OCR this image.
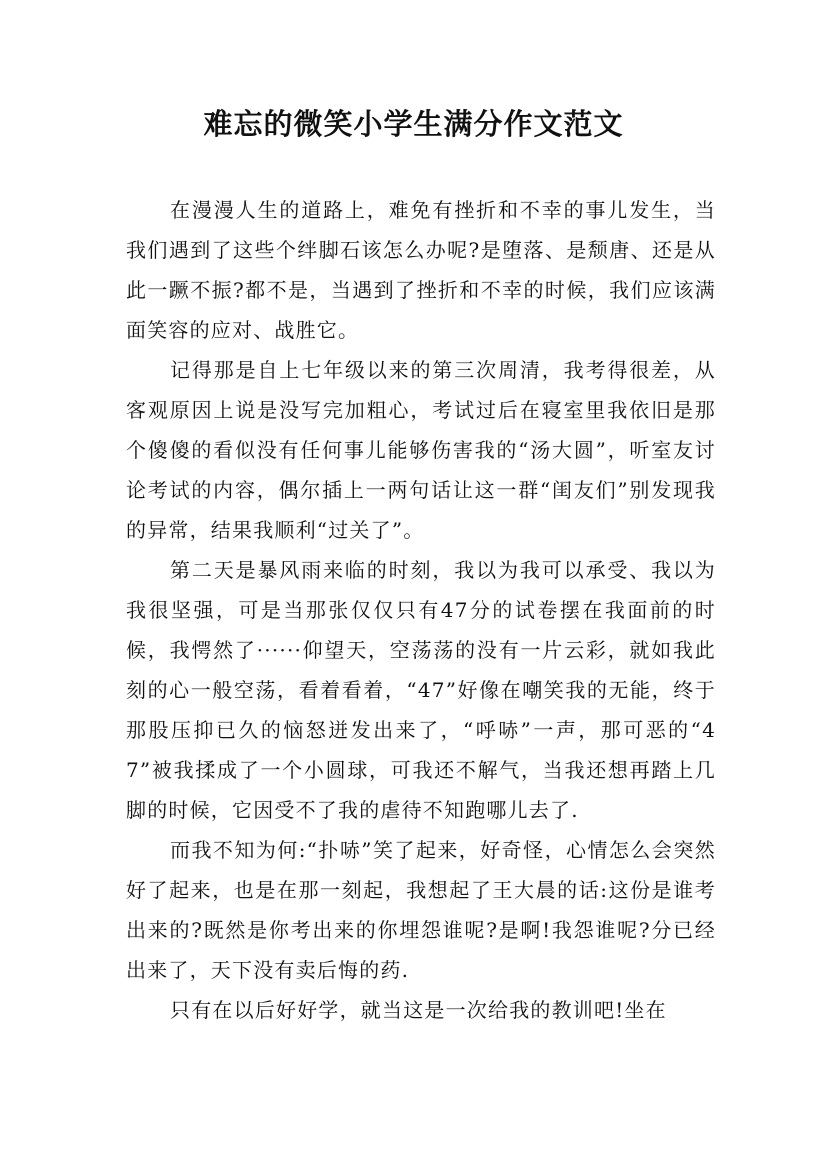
难忘的微笑小学生满分作文范文

在漫漫人生的道路上，难免有挫折和不幸的事儿发生，当我们遇到了这些个绊脚石该怎么办呢?是堕落、是颓唐、还是从此一蹶不振?都不是，当遇到了挫折和不幸的时候，我们应该满面笑容的应对、战胜它。

记得那是自上七年级以来的第三次周清，我考得很差，从客观原因上说是没写完加粗心，考试过后在寝室里我依旧是那个傻傻的看似没有任何事儿能够伤害我的“汤大圆”，听室友讨论考试的内容，偶尔插上一两句话让这一群“闺友们”别发现我的异常，结果我顺利“过关了”。

第二天是暴风雨来临的时刻，我以为我可以承受、我以为我很坚强，可是当那张仅仅只有47分的试卷摆在我面前的时候，我愕然了······仰望天，空荡荡的没有一片云彩，就如我此刻的心一般空荡，看着看着，“47”好像在嘲笑我的无能，终于那股压抑已久的恼怒迸发出来了，“呼哧”一声，那可恶的“47”被我揉成了一个小圆球，可我还不解气，当我还想再踏上几脚的时候，它因受不了我的虐待不知跑哪儿去了.

而我不知为何:“扑哧”笑了起来，好奇怪，心情怎么会突然好了起来，也是在那一刻起，我想起了王大晨的话:这份是谁考出来的?既然是你考出来的你埋怨谁呢?是啊!我怨谁呢?分已经出来了，天下没有卖后悔的药.

只有在以后好好学，就当这是一次给我的教训吧!坐在
